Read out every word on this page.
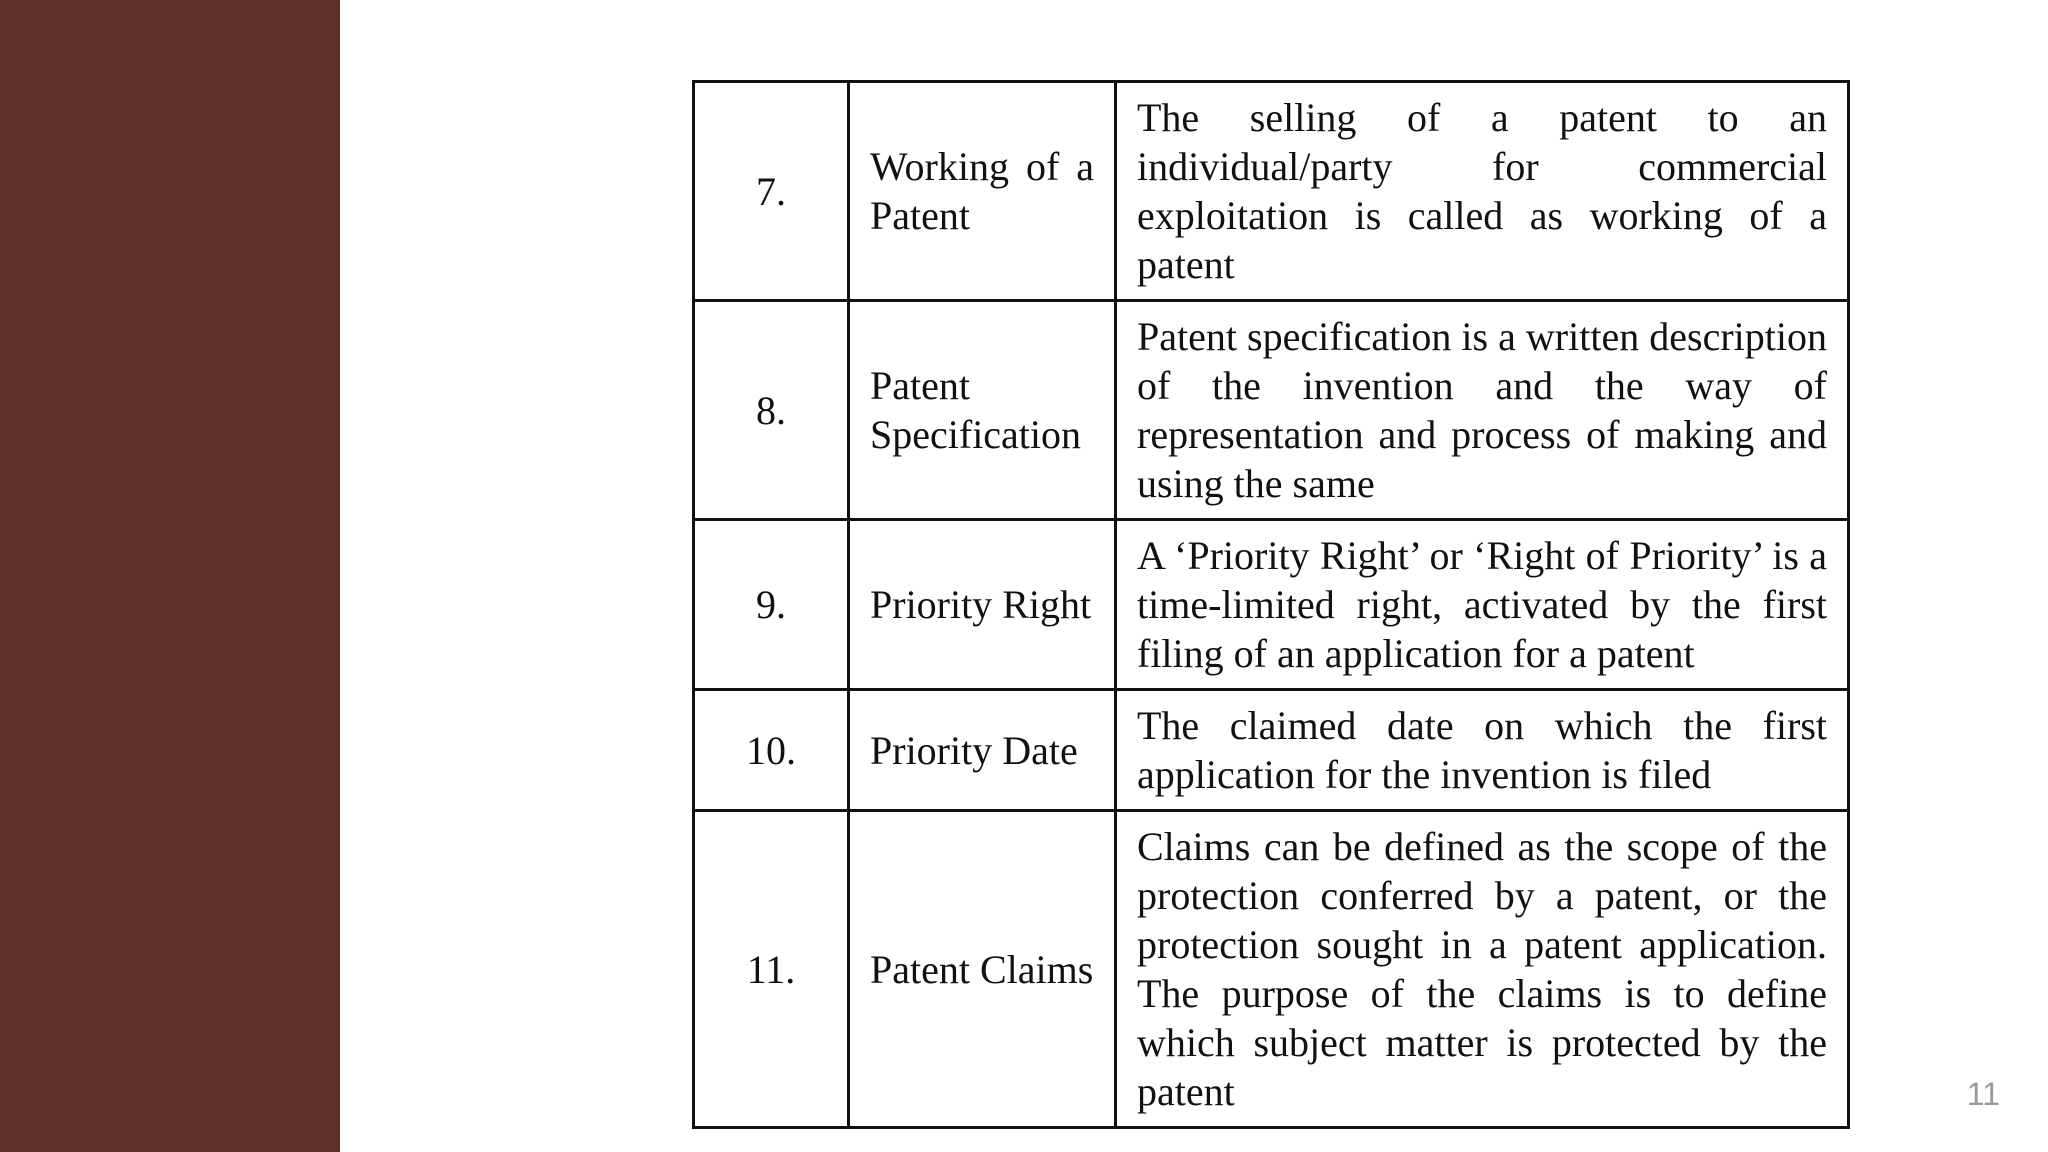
7.	Working of a Patent	The selling of a patent to an individual/party for commercial exploitation is called as working of a patent
8.	Patent Specification	Patent specification is a written description of the invention and the way of representation and process of making and using the same
9.	Priority Right	A ‘Priority Right’ or ‘Right of Priority’ is a time-limited right, activated by the first filing of an application for a patent
10.	Priority Date	The claimed date on which the first application for the invention is filed
11.	Patent Claims	Claims can be defined as the scope of the protection conferred by a patent, or the protection sought in a patent application. The purpose of the claims is to define which subject matter is protected by the patent	11
